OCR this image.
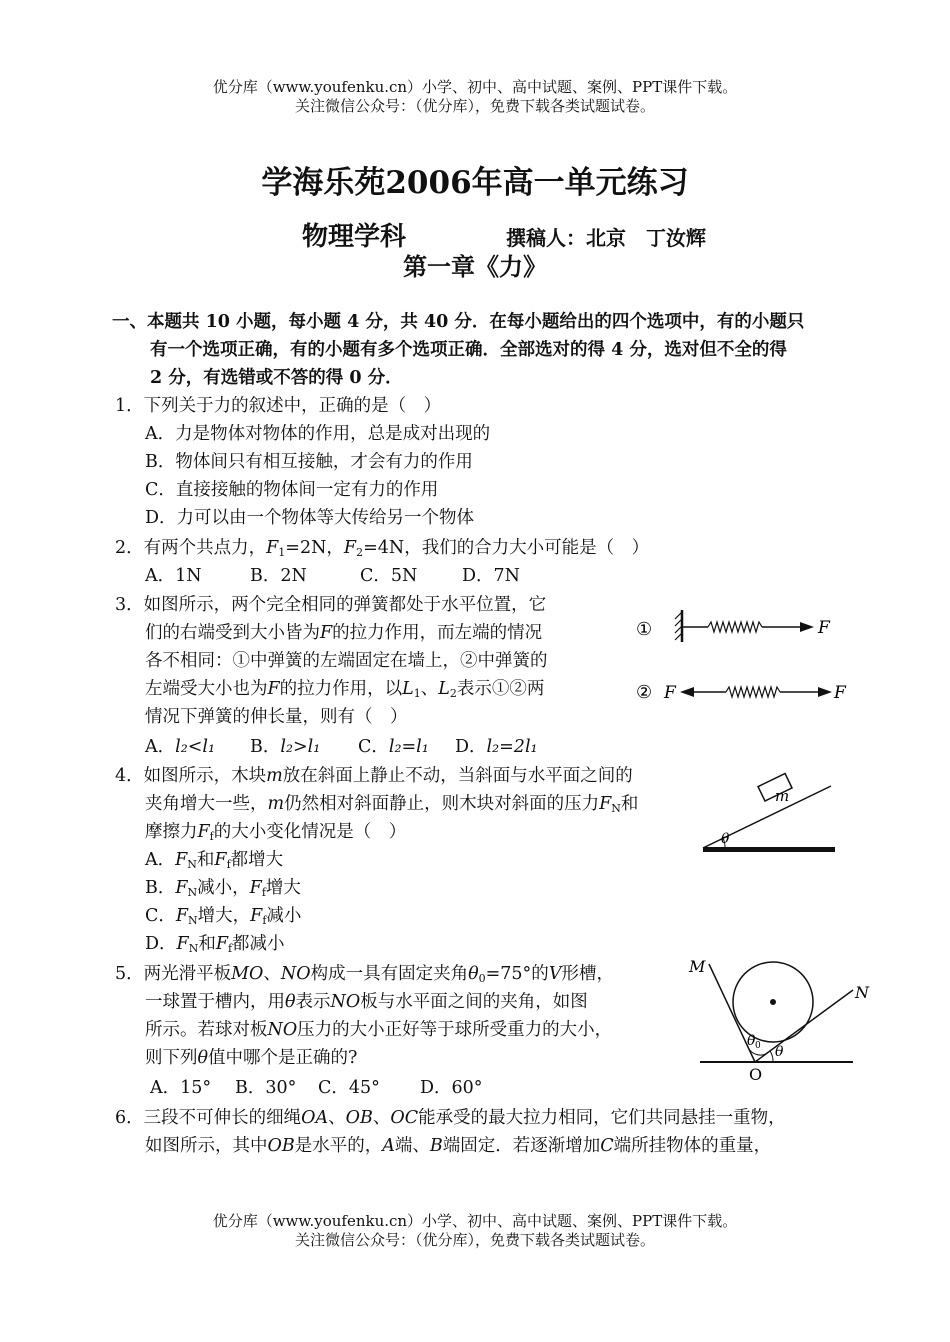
优分库（www.youfenku.cn）小学、初中、高中试题、案例、PPT课件下载。
关注微信公众号：（优分库），免费下载各类试题试卷。
学海乐苑2006年高一单元练习
物理学科	撰稿人：北京　丁汝辉
第一章《力》
一、本题共 10 小题，每小题 4 分，共 40 分．在每小题给出的四个选项中，有的小题只
有一个选项正确，有的小题有多个选项正确．全部选对的得 4 分，选对但不全的得
2 分，有选错或不答的得 0 分．
1．下列关于力的叙述中，正确的是（　）
A．力是物体对物体的作用，总是成对出现的
B．物体间只有相互接触，才会有力的作用
C．直接接触的物体间一定有力的作用
D．力可以由一个物体等大传给另一个物体
2．有两个共点力，$F_1=2N$，$F_2=4N$，我们的合力大小可能是（　）
A．1N	B．2N	C．5N	D．7N
3．如图所示，两个完全相同的弹簧都处于水平位置，它
们的右端受到大小皆为F的拉力作用，而左端的情况
各不相同：①中弹簧的左端固定在墙上，②中弹簧的
左端受大小也为F的拉力作用，以$L_1$、$L_2$表示①②两
情况下弹簧的伸长量，则有（　）
A．l₂<l₁ B．l₂>l₁ C．l₂=l₁ D．l₂=2l₁
①	F
② F	F
4．如图所示，木块m放在斜面上静止不动，当斜面与水平面之间的
夹角增大一些，m仍然相对斜面静止，则木块对斜面的压力$F_N$和
摩擦力$F_f$的大小变化情况是（　）
A．$F_N$和$F_f$都增大
B．$F_N$减小，$F_f$增大
C．$F_N$增大，$F_f$减小
D．$F_N$和$F_f$都减小
m
θ
5．两光滑平板MO、NO构成一具有固定夹角$\theta_0=75^\circ$的V形槽，
一球置于槽内，用θ表示NO板与水平面之间的夹角，如图
所示。若球对板NO压力的大小正好等于球所受重力的大小，
则下列θ值中哪个是正确的?
A．15° B．30° C．45° D．60°
M
N
O
θ 0 θ
6．三段不可伸长的细绳OA、OB、OC能承受的最大拉力相同，它们共同悬挂一重物，
如图所示，其中OB是水平的，A端、B端固定．若逐渐增加C端所挂物体的重量，
优分库（www.youfenku.cn）小学、初中、高中试题、案例、PPT课件下载。
关注微信公众号：（优分库），免费下载各类试题试卷。
